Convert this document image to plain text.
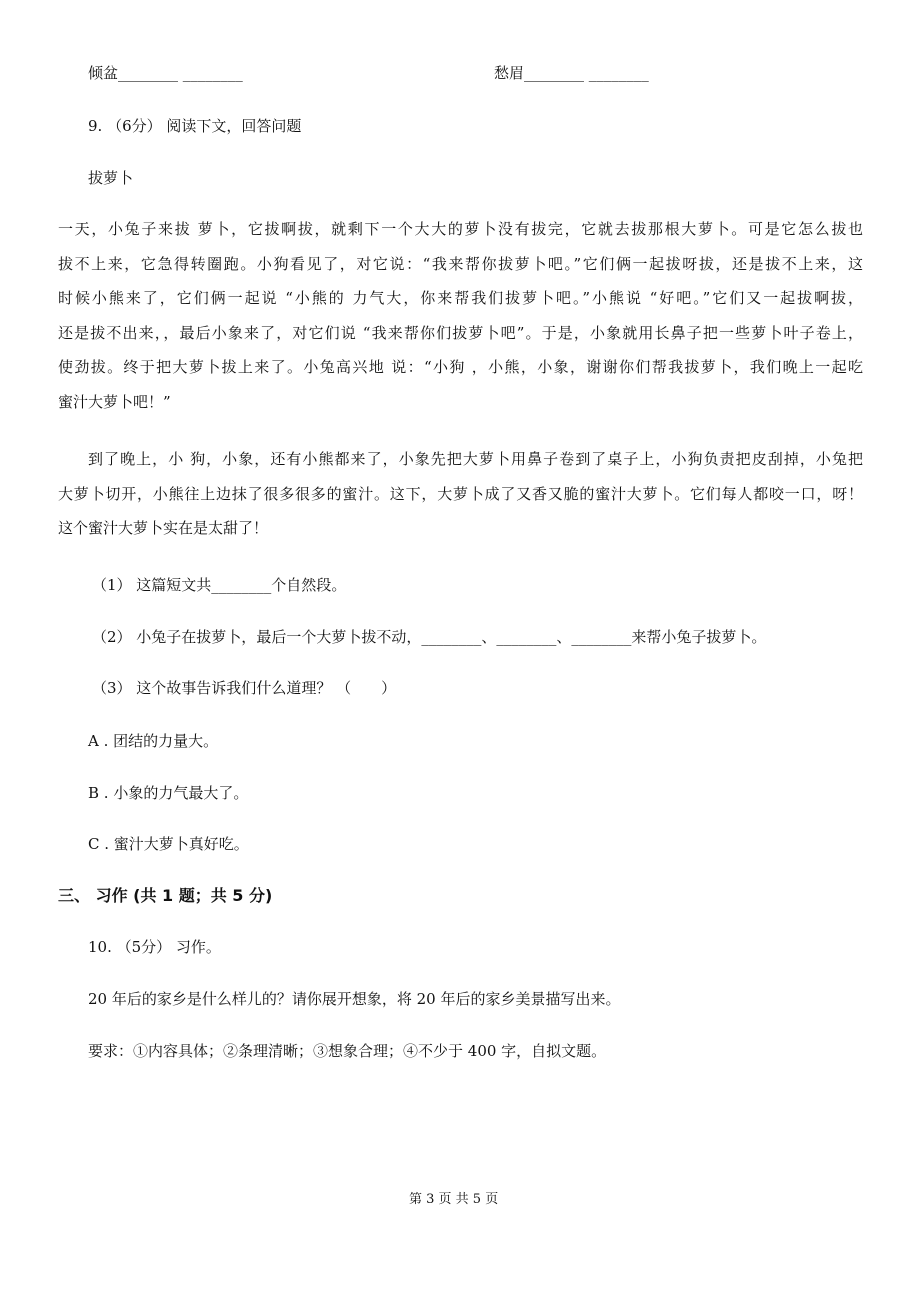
倾盆________ ________	愁眉________ ________
9. （6分） 阅读下文，回答问题
拔萝卜
一天，小兔子来拔 萝卜，它拔啊拔，就剩下一个大大的萝卜没有拔完，它就去拔那根大萝卜。可是它怎么拔也
拔不上来，它急得转圈跑。小狗看见了，对它说：“我来帮你拔萝卜吧。”它们俩一起拔呀拔，还是拔不上来，这
时候小熊来了，它们俩一起说 “小熊的 力气大，你来帮我们拔萝卜吧。”小熊说 “好吧。”它们又一起拔啊拔，
还是拔不出来，，最后小象来了，对它们说 “我来帮你们拔萝卜吧”。于是，小象就用长鼻子把一些萝卜叶子卷上，
使劲拔。终于把大萝卜拔上来了。小兔高兴地 说：“小狗 ，小熊，小象，谢谢你们帮我拔萝卜，我们晚上一起吃
蜜汁大萝卜吧！”
到了晚上，小 狗，小象，还有小熊都来了，小象先把大萝卜用鼻子卷到了桌子上，小狗负责把皮刮掉，小兔把
大萝卜切开，小熊往上边抹了很多很多的蜜汁。这下，大萝卜成了又香又脆的蜜汁大萝卜。它们每人都咬一口，呀！
这个蜜汁大萝卜实在是太甜了！
（1） 这篇短文共________个自然段。
（2） 小兔子在拔萝卜，最后一个大萝卜拔不动，________、________、________来帮小兔子拔萝卜。
（3） 这个故事告诉我们什么道理？ （　　）
A . 团结的力量大。
B . 小象的力气最大了。
C . 蜜汁大萝卜真好吃。
三、 习作 (共 1 题；共 5 分)
10. （5分） 习作。
20 年后的家乡是什么样儿的？请你展开想象，将 20 年后的家乡美景描写出来。
要求：①内容具体；②条理清晰；③想象合理；④不少于 400 字，自拟文题。
第 3 页 共 5 页
